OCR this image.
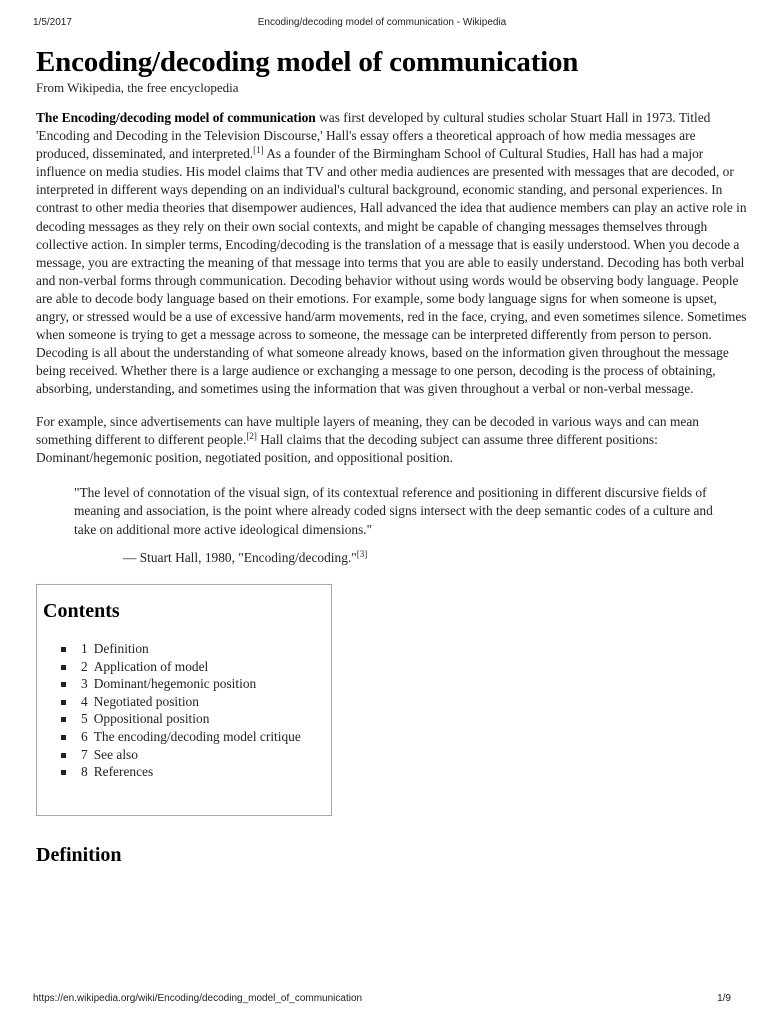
1/5/2017	Encoding/decoding model of communication - Wikipedia
Encoding/decoding model of communication
From Wikipedia, the free encyclopedia

The Encoding/decoding model of communication was first developed by cultural studies scholar Stuart Hall in 1973. Titled 'Encoding and Decoding in the Television Discourse,' Hall's essay offers a theoretical approach of how media messages are produced, disseminated, and interpreted.[1] As a founder of the Birmingham School of Cultural Studies, Hall has had a major influence on media studies. His model claims that TV and other media audiences are presented with messages that are decoded, or interpreted in different ways depending on an individual's cultural background, economic standing, and personal experiences. In contrast to other media theories that disempower audiences, Hall advanced the idea that audience members can play an active role in decoding messages as they rely on their own social contexts, and might be capable of changing messages themselves through collective action. In simpler terms, Encoding/decoding is the translation of a message that is easily understood. When you decode a message, you are extracting the meaning of that message into terms that you are able to easily understand. Decoding has both verbal and non-verbal forms through communication. Decoding behavior without using words would be observing body language. People are able to decode body language based on their emotions. For example, some body language signs for when someone is upset, angry, or stressed would be a use of excessive hand/arm movements, red in the face, crying, and even sometimes silence. Sometimes when someone is trying to get a message across to someone, the message can be interpreted differently from person to person. Decoding is all about the understanding of what someone already knows, based on the information given throughout the message being received. Whether there is a large audience or exchanging a message to one person, decoding is the process of obtaining, absorbing, understanding, and sometimes using the information that was given throughout a verbal or non-verbal message.

For example, since advertisements can have multiple layers of meaning, they can be decoded in various ways and can mean something different to different people.[2] Hall claims that the decoding subject can assume three different positions: Dominant/hegemonic position, negotiated position, and oppositional position.

"The level of connotation of the visual sign, of its contextual reference and positioning in different discursive fields of meaning and association, is the point where already coded signs intersect with the deep semantic codes of a culture and take on additional more active ideological dimensions."
— Stuart Hall, 1980, "Encoding/decoding."[3]
Contents
1 Definition
2 Application of model
3 Dominant/hegemonic position
4 Negotiated position
5 Oppositional position
6 The encoding/decoding model critique
7 See also
8 References
Definition
https://en.wikipedia.org/wiki/Encoding/decoding_model_of_communication	1/9
